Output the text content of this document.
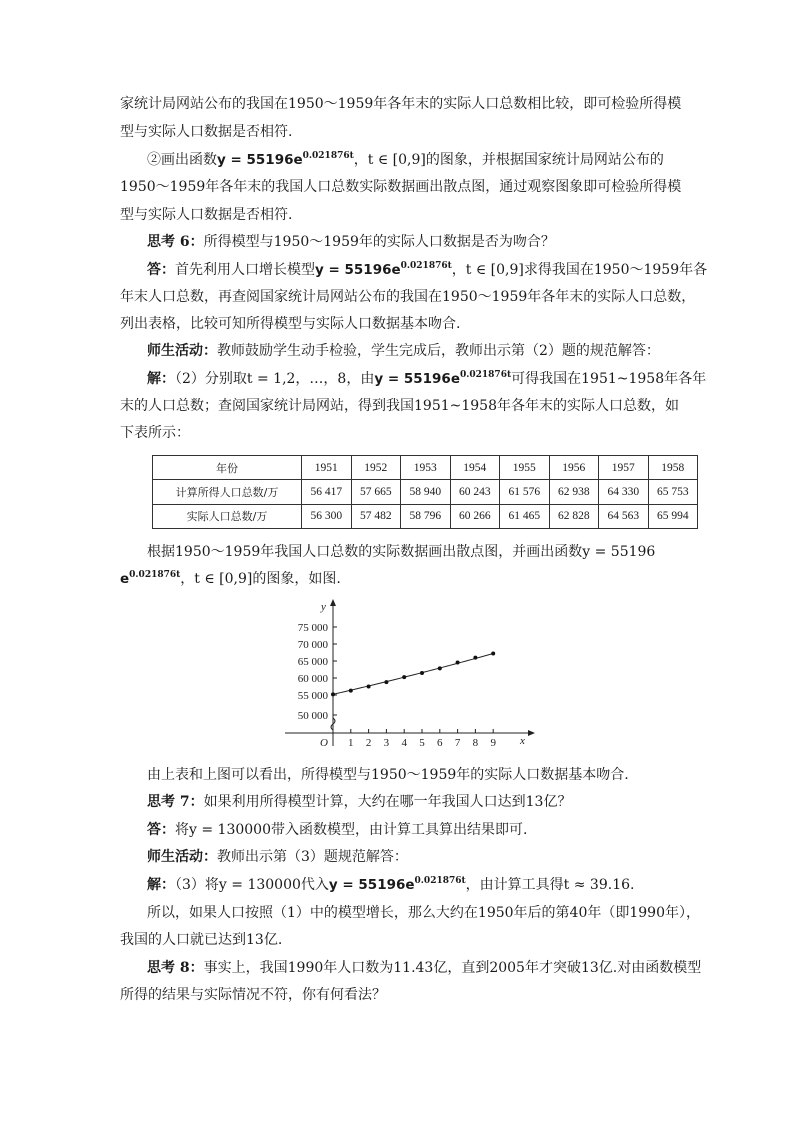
家统计局网站公布的我国在1950～1959年各年末的实际人口总数相比较，即可检验所得模
型与实际人口数据是否相符.
②画出函数$y = 55196e^{0.021876t}$，t ∈ [0,9]的图象，并根据国家统计局网站公布的
1950～1959年各年末的我国人口总数实际数据画出散点图，通过观察图象即可检验所得模
型与实际人口数据是否相符.
思考 6：所得模型与1950～1959年的实际人口数据是否为吻合？
答：首先利用人口增长模型$y = 55196e^{0.021876t}$，t ∈ [0,9]求得我国在1950～1959年各
年末人口总数，再查阅国家统计局网站公布的我国在1950～1959年各年末的实际人口总数，
列出表格，比较可知所得模型与实际人口数据基本吻合.
师生活动：教师鼓励学生动手检验，学生完成后，教师出示第（2）题的规范解答：
解：（2）分别取t = 1,2，…，8，由$y = 55196e^{0.021876t}$可得我国在1951~1958年各年
末的人口总数；查阅国家统计局网站，得到我国1951~1958年各年末的实际人口总数，如
下表所示：
年份	1951	1952	1953	1954	1955	1956	1957	1958
计算所得人口总数/万	56 417	57 665	58 940	60 243	61 576	62 938	64 330	65 753
实际人口总数/万	56 300	57 482	58 796	60 266	61 465	62 828	64 563	65 994
根据1950～1959年我国人口总数的实际数据画出散点图，并画出函数y = 55196
$e^{0.021876t}$，t ∈ [0,9]的图象，如图.
y
x
O
50 000
55 000
60 000
65 000
70 000
75 000
1 2 3 4 5 6 7 8 9
由上表和上图可以看出，所得模型与1950～1959年的实际人口数据基本吻合.
思考 7：如果利用所得模型计算，大约在哪一年我国人口达到13亿？
答：将y = 130000带入函数模型，由计算工具算出结果即可.
师生活动：教师出示第（3）题规范解答：
解：（3）将y = 130000代入$y = 55196e^{0.021876t}$，由计算工具得t ≈ 39.16.
所以，如果人口按照（1）中的模型增长，那么大约在1950年后的第40年（即1990年），
我国的人口就已达到13亿.
思考 8：事实上，我国1990年人口数为11.43亿，直到2005年才突破13亿.对由函数模型
所得的结果与实际情况不符，你有何看法？
